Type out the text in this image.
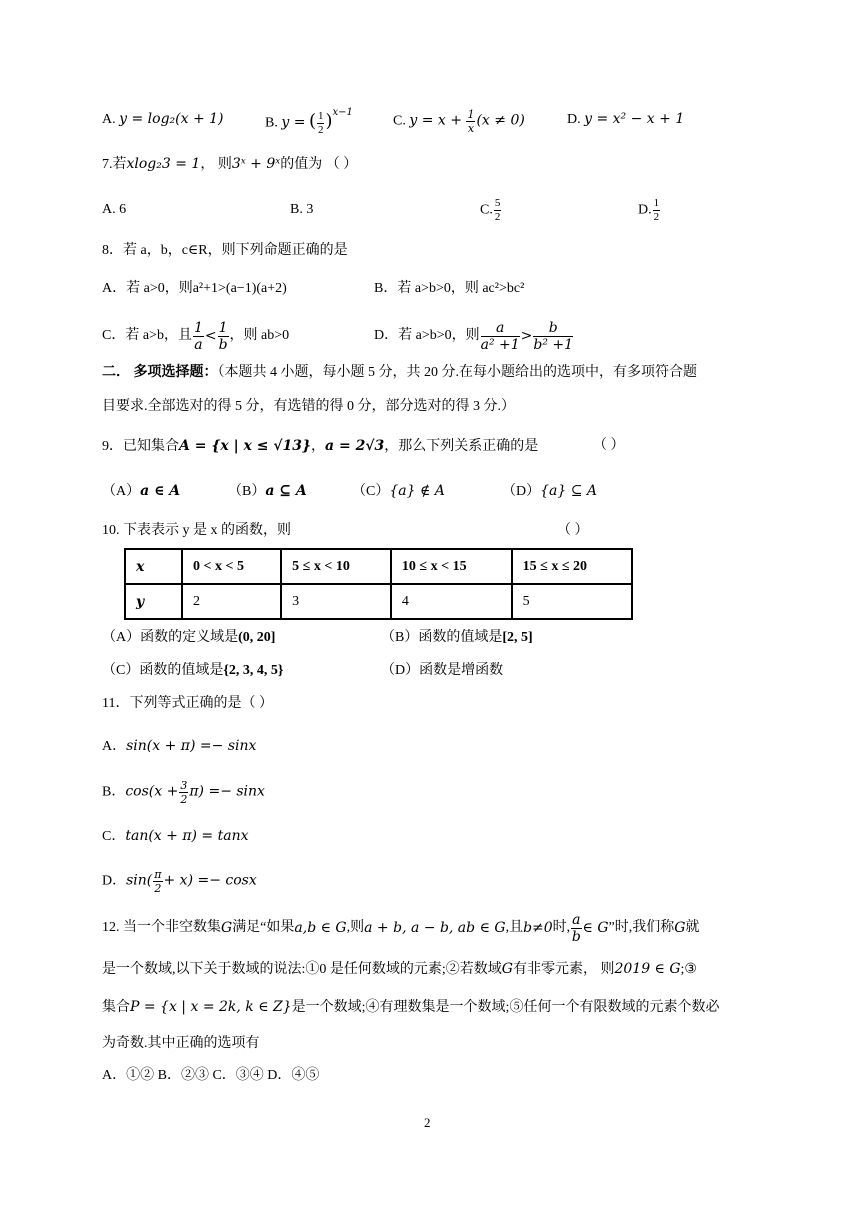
A. y = log₂(x + 1)	B. y = ( $\frac{1}{2} )^{x-1}$
C. $y = x + \frac{1}{x} (x \ne 0)$	D. y = x² − x + 1
7.若xlog₂3 = 1， 则3ˣ + 9ˣ的值为 （ ）
A. 6	B. 3	C. $\frac{5}{2}$	D. $\frac{1}{2}$
8．若 a，b，c∈R，则下列命题正确的是
A．若 a>0，则a²+1>(a−1)(a+2)	B．若 a>b>0，则 ac²>bc²
C．若 a>b，且 $\frac{1}{a} < \frac{1}{b}$ ，则 ab>0	D．若 a>b>0，则 $\frac{a}{\text{a² +1}} > \frac{b}{\text{b² +1}}$
二． 多项选择题：（本题共 4 小题，每小题 5 分，共 20 分.在每小题给出的选项中，有多项符合题
目要求.全部选对的得 5 分，有选错的得 0 分，部分选对的得 3 分.）
9．已知集合A = {x | x ≤ √13}，a = 2√3，那么下列关系正确的是	（ ）
（A）a ∈ A	（B）a ⊆ A	（C）{a} ∉ A	（D）{a} ⊆ A
10. 下表表示 y 是 x 的函数，则	（ ）
x	0 < x < 5	5 ≤ x < 10	10 ≤ x < 15	15 ≤ x ≤ 20
y	2	3	4	5
（A）函数的定义域是(0, 20]	（B）函数的值域是[2, 5]
（C）函数的值域是{2, 3, 4, 5}	（D）函数是增函数
11．下列等式正确的是（ ）
A．sin(x + π) =− sinx
B．$\cos(x + \frac{3}{2} \pi) =- \sin x$
C．tan(x + π) = tanx
D．$\sin( \frac{\pi}{2} + x) =- \cos x$
12. 当一个非空数集 G 满足“如果 a,b ∈ G ,则 a + b, a − b, ab ∈ G ,且 b≠0 时, $\frac{a}{b}$ ∈ G ”时,我们称 G 就
是一个数域,以下关于数域的说法:①0 是任何数域的元素;②若数域G有非零元素， 则2019 ∈ G;③
集合P = {x | x = 2k, k ∈ Z}是一个数域;④有理数集是一个数域;⑤任何一个有限数域的元素个数必
为奇数.其中正确的选项有
A．①② B．②③ C．③④ D．④⑤
2
